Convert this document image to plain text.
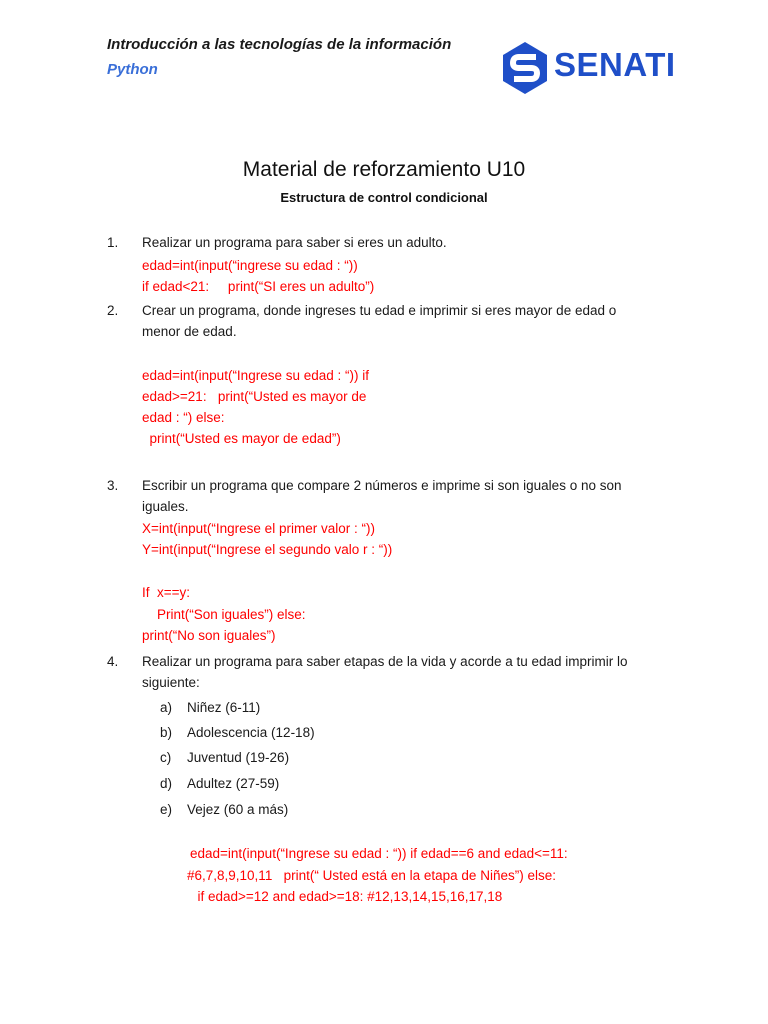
Introducción a las tecnologías de la información
Python	SENATI
Material de reforzamiento U10
Estructura de control condicional
1. Realizar un programa para saber si eres un adulto.
edad=int(input(“ingrese su edad : “))
if edad<21:     print(“SI eres un adulto”)
2. Crear un programa, donde ingreses tu edad e imprimir si eres mayor de edad o
menor de edad.
edad=int(input(“Ingrese su edad : “)) if
edad>=21:   print(“Usted es mayor de
edad : “) else:
print(“Usted es mayor de edad”)
3. Escribir un programa que compare 2 números e imprime si son iguales o no son
iguales.
X=int(input(“Ingrese el primer valor : “))
Y=int(input(“Ingrese el segundo valo r : “))
If  x==y:
Print(“Son iguales”) else:
print(“No son iguales”)
4. Realizar un programa para saber etapas de la vida y acorde a tu edad imprimir lo
siguiente:
a) Niñez (6-11)
b) Adolescencia (12-18)
c) Juventud (19-26)
d) Adultez (27-59)
e) Vejez (60 a más)
edad=int(input(“Ingrese su edad : “)) if edad==6 and edad<=11:
#6,7,8,9,10,11   print(“ Usted está en la etapa de Niñes”) else:
if edad>=12 and edad>=18: #12,13,14,15,16,17,18
